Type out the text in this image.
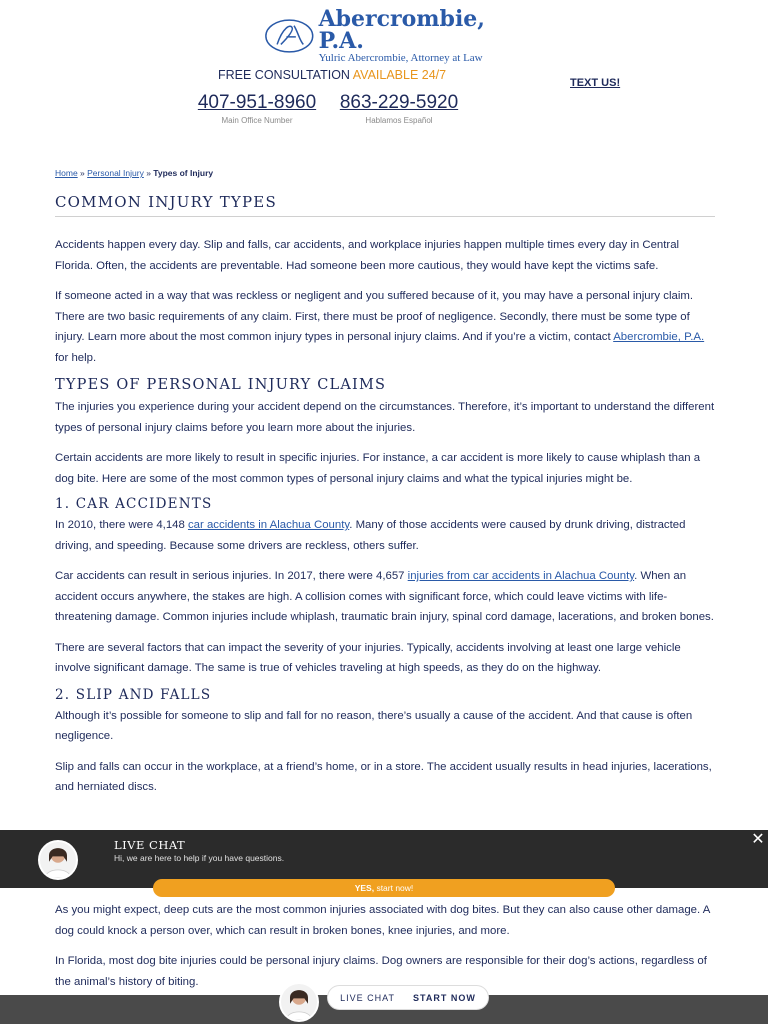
Abercrombie, P.A.
Yulric Abercrombie, Attorney at Law
FREE CONSULTATION AVAILABLE 24/7
TEXT US!
407-951-8960
Main Office Number
863-229-5920
Hablamos Español
Home » Personal Injury » Types of Injury
COMMON INJURY TYPES

Accidents happen every day. Slip and falls, car accidents, and workplace injuries happen multiple times every day in Central Florida. Often, the accidents are preventable. Had someone been more cautious, they would have kept the victims safe.

If someone acted in a way that was reckless or negligent and you suffered because of it, you may have a personal injury claim. There are two basic requirements of any claim. First, there must be proof of negligence. Secondly, there must be some type of injury. Learn more about the most common injury types in personal injury claims. And if you’re a victim, contact Abercrombie, P.A. for help.

TYPES OF PERSONAL INJURY CLAIMS

The injuries you experience during your accident depend on the circumstances. Therefore, it’s important to understand the different types of personal injury claims before you learn more about the injuries.

Certain accidents are more likely to result in specific injuries. For instance, a car accident is more likely to cause whiplash than a dog bite. Here are some of the most common types of personal injury claims and what the typical injuries might be.

1. CAR ACCIDENTS

In 2010, there were 4,148 car accidents in Alachua County. Many of those accidents were caused by drunk driving, distracted driving, and speeding. Because some drivers are reckless, others suffer.

Car accidents can result in serious injuries. In 2017, there were 4,657 injuries from car accidents in Alachua County. When an accident occurs anywhere, the stakes are high. A collision comes with significant force, which could leave victims with life-threatening damage. Common injuries include whiplash, traumatic brain injury, spinal cord damage, lacerations, and broken bones.

There are several factors that can impact the severity of your injuries. Typically, accidents involving at least one large vehicle involve significant damage. The same is true of vehicles traveling at high speeds, as they do on the highway.

2. SLIP AND FALLS

Although it’s possible for someone to slip and fall for no reason, there’s usually a cause of the accident. And that cause is often negligence.

Slip and falls can occur in the workplace, at a friend’s home, or in a store. The accident usually results in head injuries, lacerations, and herniated discs.

As you might expect, deep cuts are the most common injuries associated with dog bites. But they can also cause other damage. A dog could knock a person over, which can result in broken bones, knee injuries, and more.

In Florida, most dog bite injuries could be personal injury claims. Dog owners are responsible for their dog’s actions, regardless of the animal’s history of biting.

LIVE CHAT
Hi, we are here to help if you have questions.
✕
YES, start now!
LIVE CHAT START NOW
